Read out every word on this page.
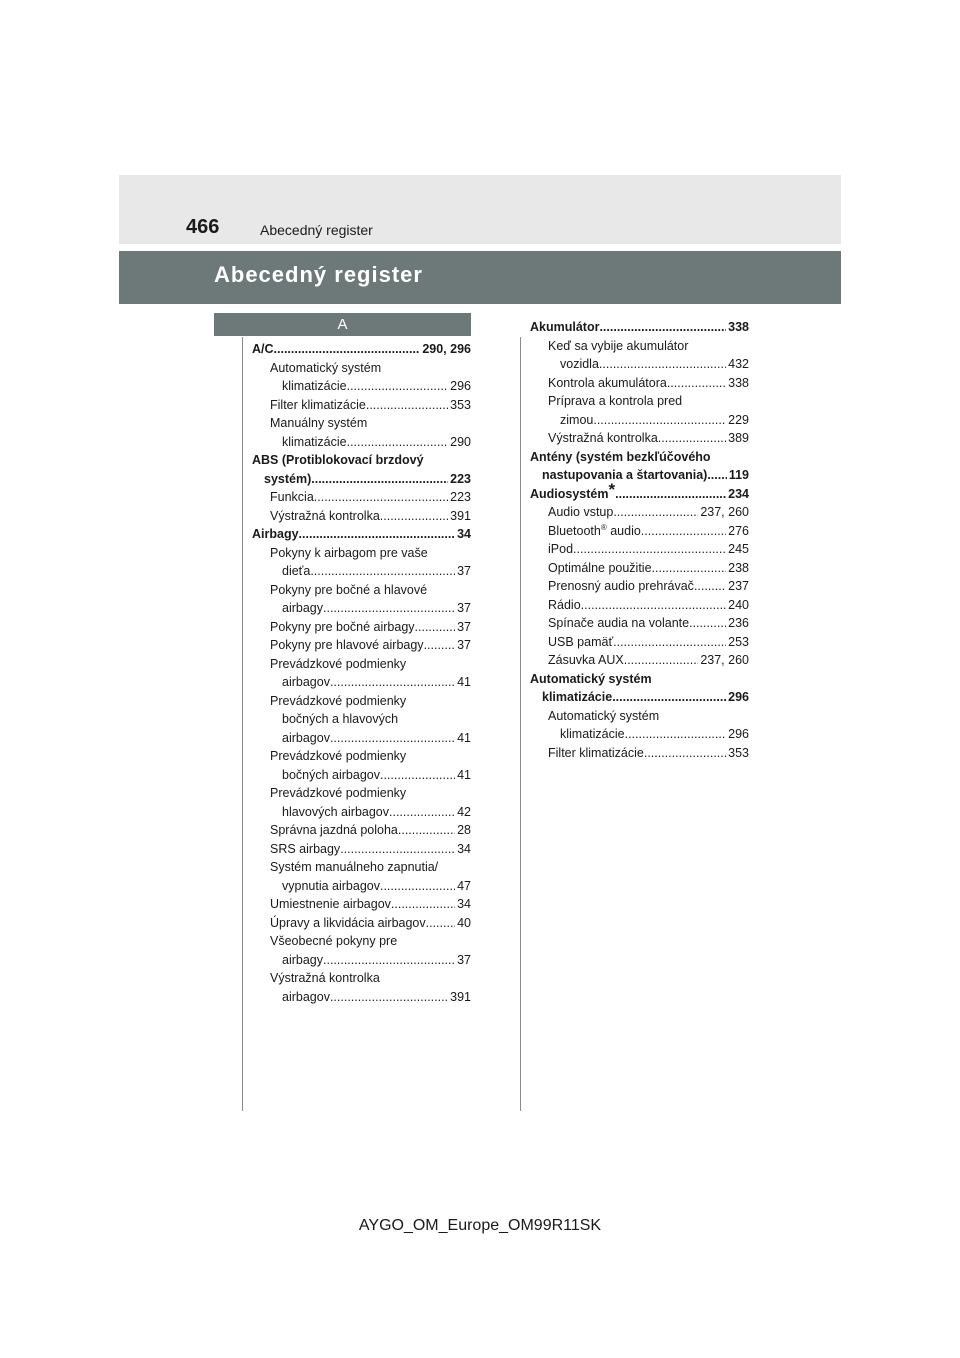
466	Abecedný register
Abecedný register
A
A/C .....	290, 296
Automatický systém
klimatizácie .....	296
Filter klimatizácie .....	353
Manuálny systém
klimatizácie .....	290
ABS (Protiblokovací brzdový
systém) .....	223
Funkcia .....	223
Výstražná kontrolka .....	391
Airbagy .....	34
Pokyny k airbagom pre vaše
dieťa .....	37
Pokyny pre bočné a hlavové
airbagy .....	37
Pokyny pre bočné airbagy .....	37
Pokyny pre hlavové airbagy .....	37
Prevádzkové podmienky
airbagov .....	41
Prevádzkové podmienky
bočných a hlavových
airbagov .....	41
Prevádzkové podmienky
bočných airbagov .....	41
Prevádzkové podmienky
hlavových airbagov .....	42
Správna jazdná poloha .....	28
SRS airbagy .....	34
Systém manuálneho zapnutia/
vypnutia airbagov .....	47
Umiestnenie airbagov .....	34
Úpravy a likvidácia airbagov .....	40
Všeobecné pokyny pre
airbagy .....	37
Výstražná kontrolka
airbagov .....	391
Akumulátor .....	338
Keď sa vybije akumulátor
vozidla .....	432
Kontrola akumulátora .....	338
Príprava a kontrola pred
zimou .....	229
Výstražná kontrolka .....	389
Antény (systém bezkľúčového
nastupovania a štartovania) ..... 119
Audiosystém* .....	234
Audio vstup .....	237, 260
Bluetooth® audio .....	276
iPod .....	245
Optimálne použitie .....	238
Prenosný audio prehrávač .....	237
Rádio .....	240
Spínače audia na volante .....	236
USB pamäť .....	253
Zásuvka AUX .....	237, 260
Automatický systém
klimatizácie .....	296
Automatický systém
klimatizácie .....	296
Filter klimatizácie .....	353
AYGO_OM_Europe_OM99R11SK
